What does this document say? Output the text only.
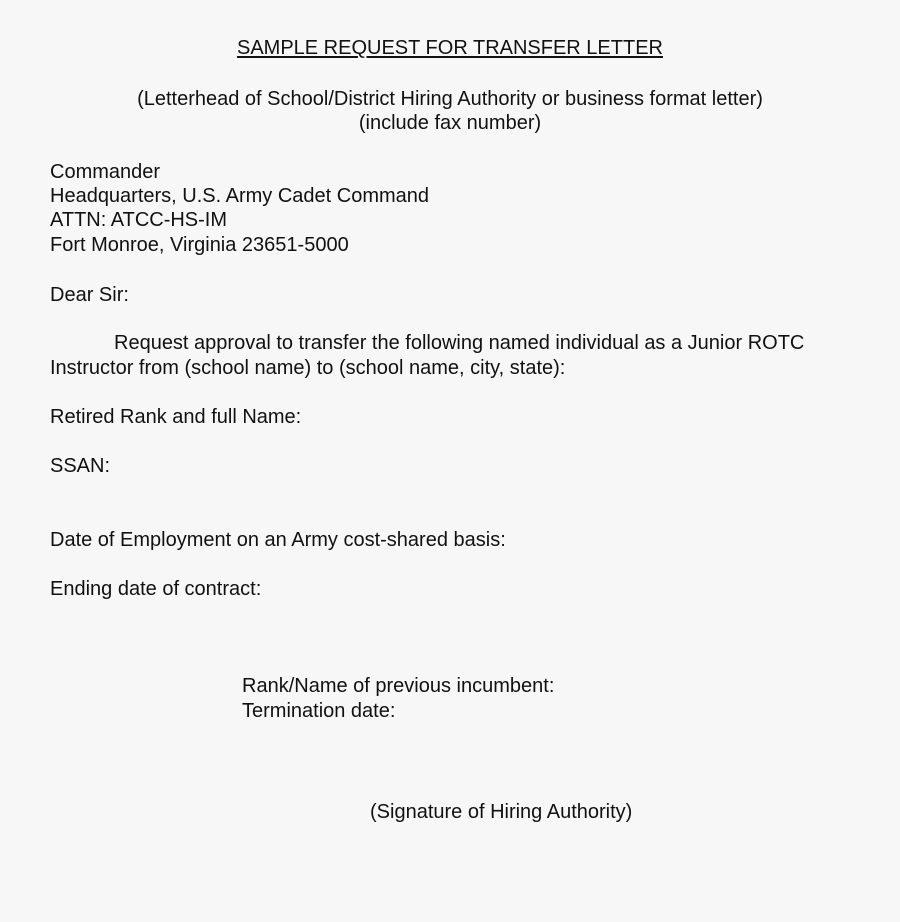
SAMPLE REQUEST FOR TRANSFER LETTER

(Letterhead of School/District Hiring Authority or business format letter)

(include fax number)

Commander

Headquarters, U.S. Army Cadet Command

ATTN: ATCC-HS-IM

Fort Monroe, Virginia 23651-5000

Dear Sir:

Request approval to transfer the following named individual as a Junior ROTC

Instructor from (school name) to (school name, city, state):

Retired Rank and full Name:

SSAN:

Date of Employment on an Army cost-shared basis:

Ending date of contract:

Rank/Name of previous incumbent:

Termination date:

(Signature of Hiring Authority)
